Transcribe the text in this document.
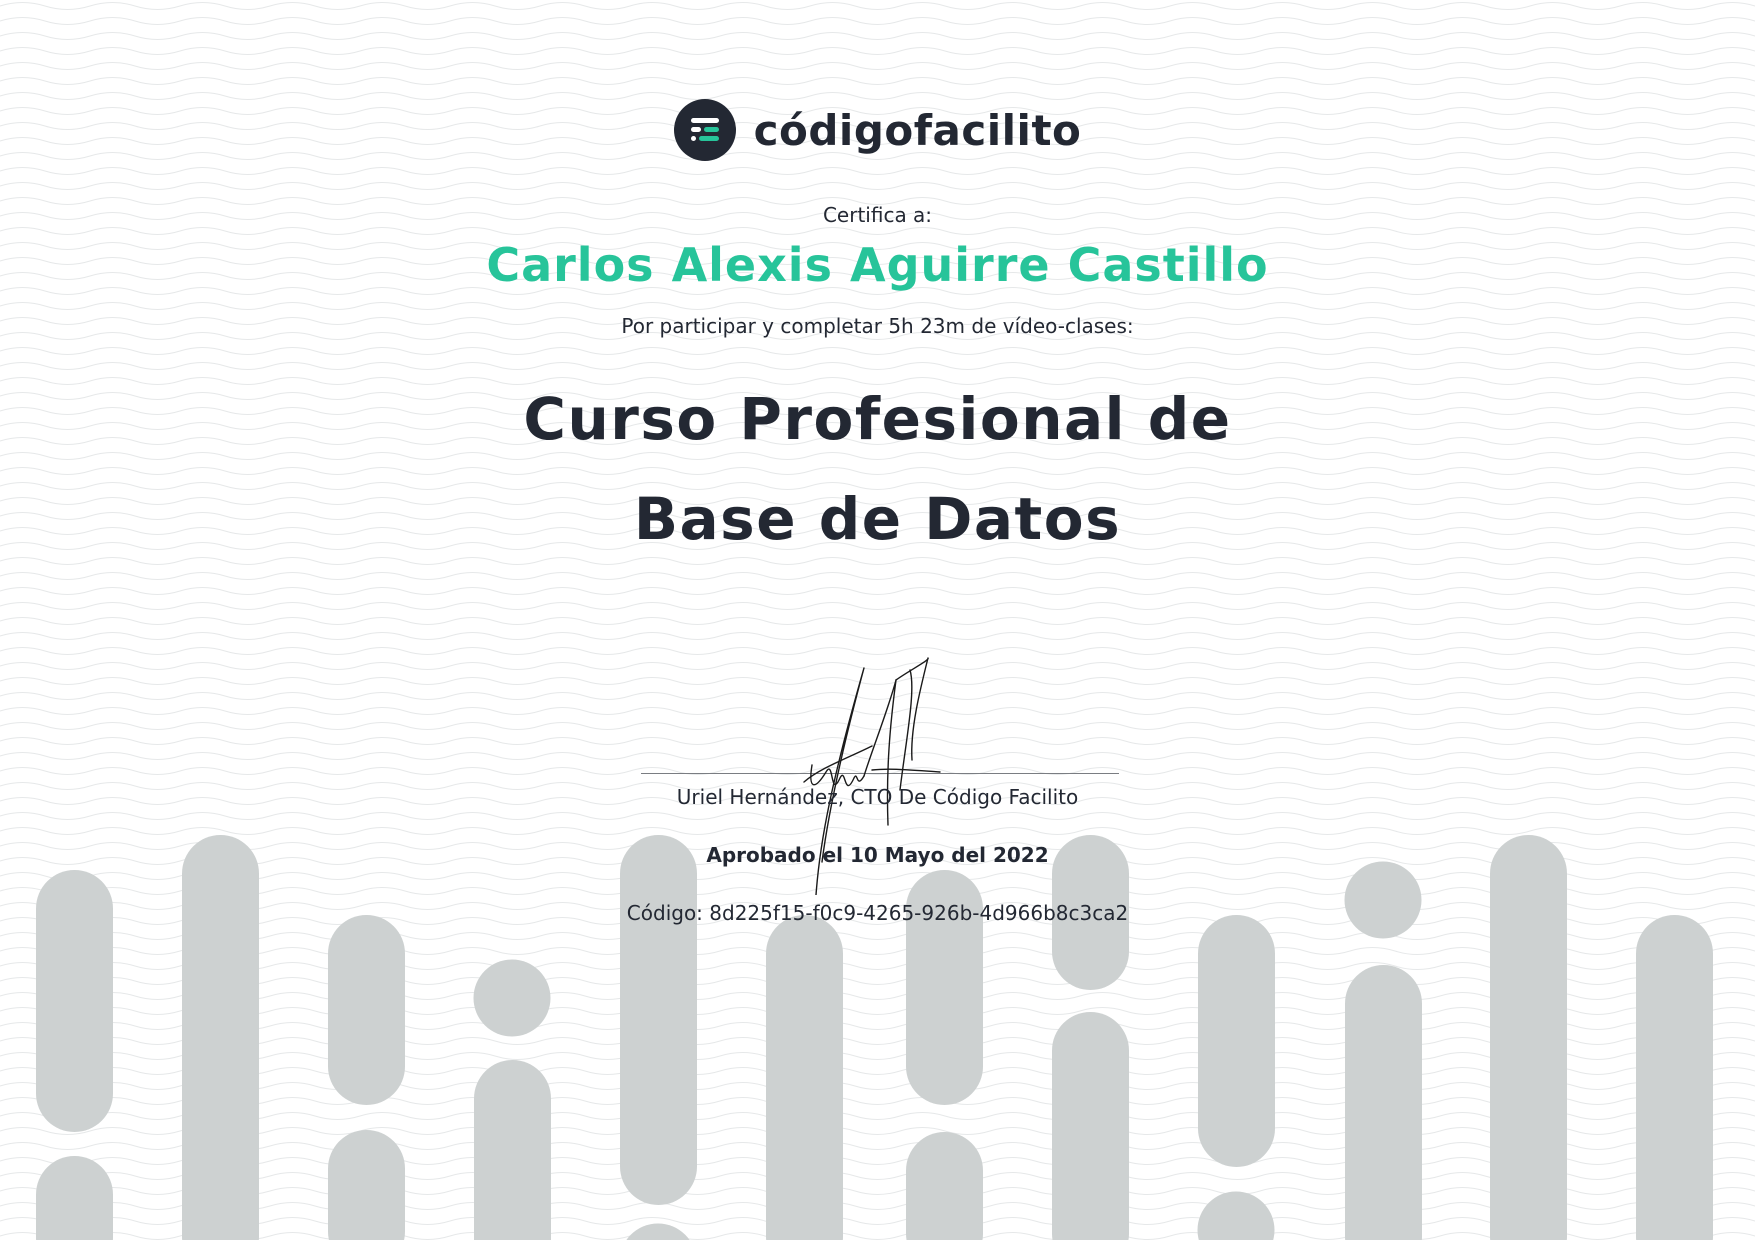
códigofacilito
Certifica a:
Carlos Alexis Aguirre Castillo
Por participar y completar 5h 23m de vídeo-clases:
Curso Profesional de
Base de Datos
Uriel Hernández, CTO De Código Facilito
Aprobado el 10 Mayo del 2022
Código: 8d225f15-f0c9-4265-926b-4d966b8c3ca2
